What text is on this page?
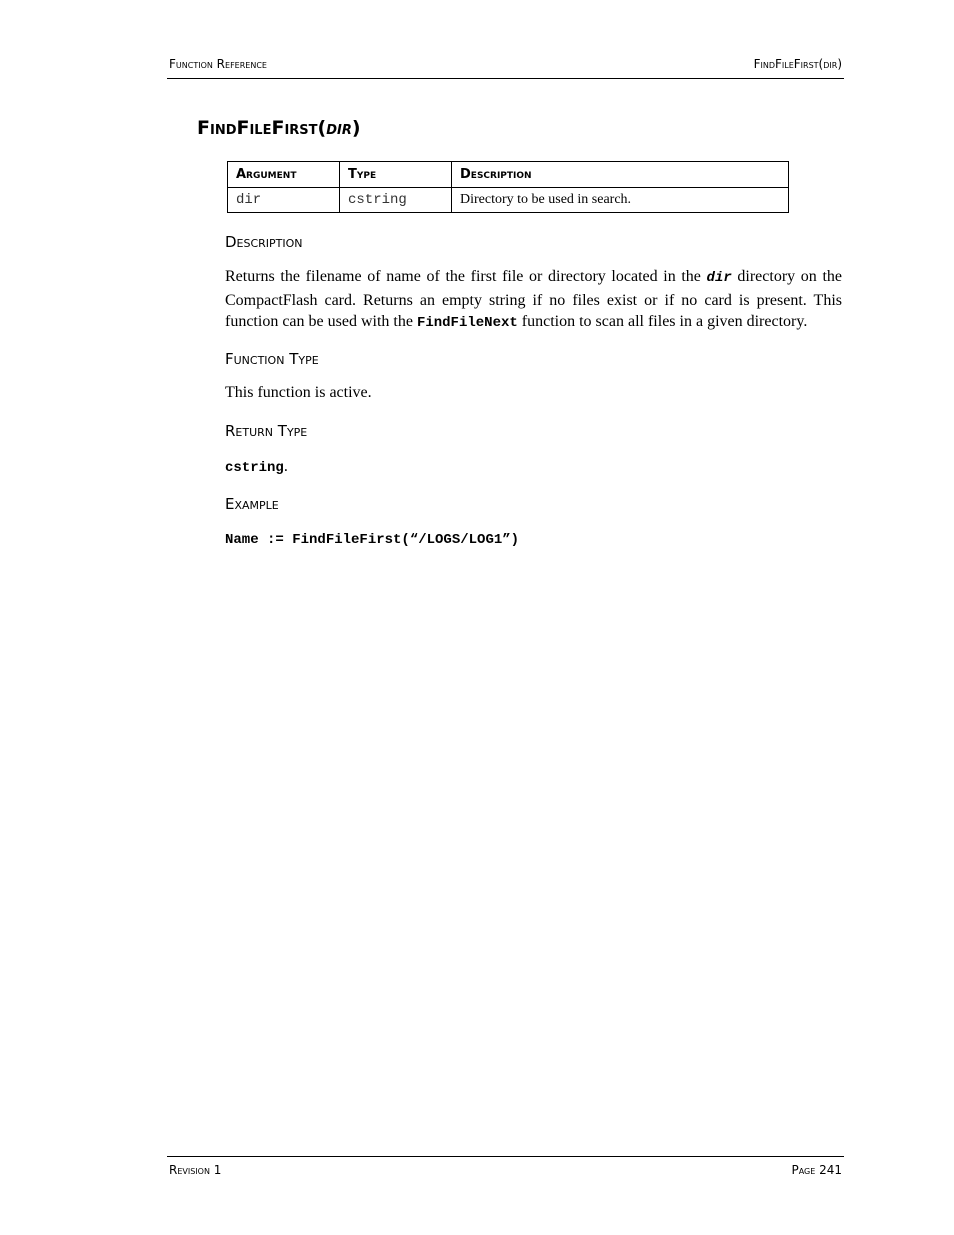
Function Reference	FindFileFirst(dir)
FindFileFirst(dir)
Argument	Type	Description
dir	cstring	Directory to be used in search.
Description
Returns the filename of name of the first file or directory located in the dir directory on the CompactFlash card. Returns an empty string if no files exist or if no card is present. This function can be used with the FindFileNext function to scan all files in a given directory.
Function Type
This function is active.
Return Type
cstring.
Example
Name := FindFileFirst(“/LOGS/LOG1”)
Revision 1	Page 241
